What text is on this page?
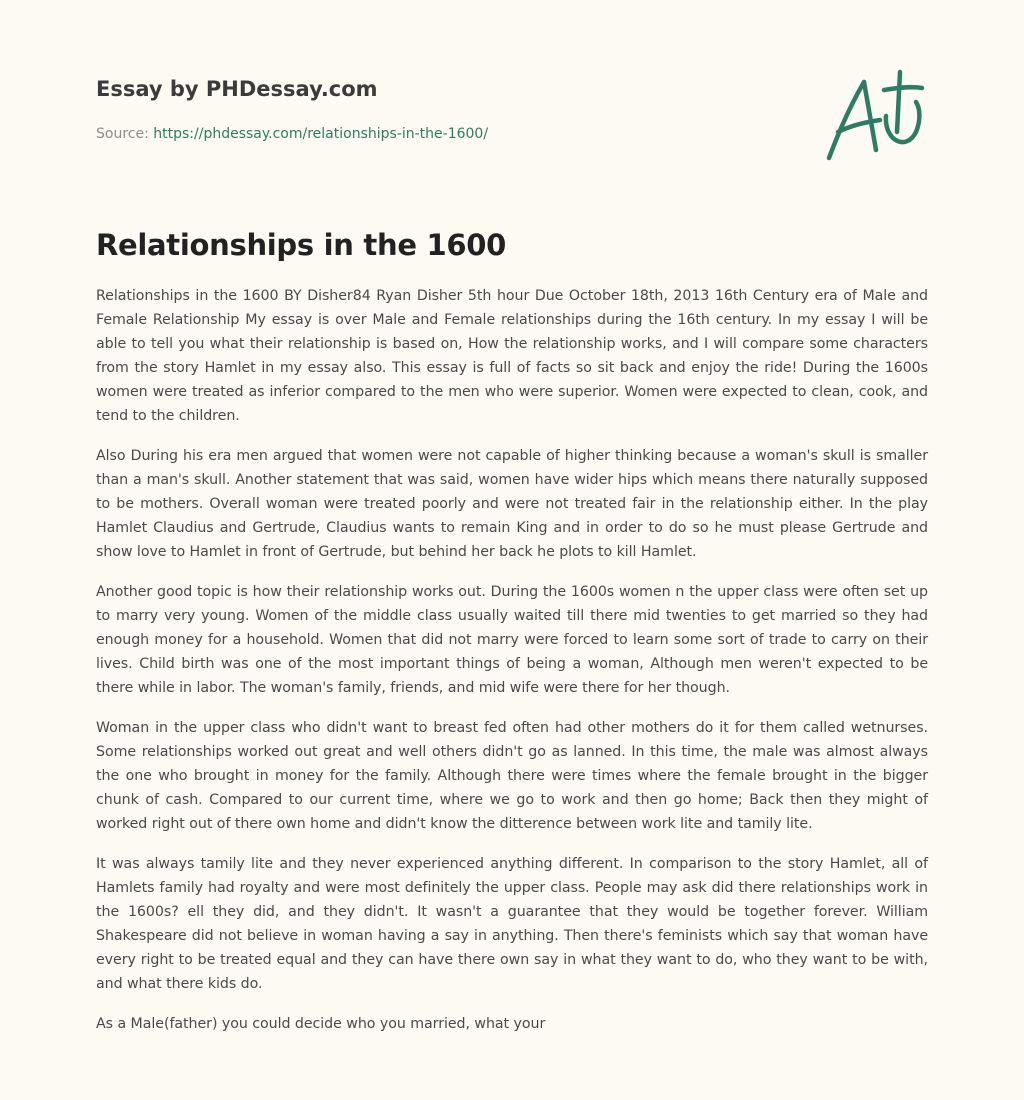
Essay by PHDessay.com
Source: https://phdessay.com/relationships-in-the-1600/
Relationships in the 1600

Relationships in the 1600 BY Disher84 Ryan Disher 5th hour Due October 18th, 2013 16th Century era of Male and Female Relationship My essay is over Male and Female relationships during the 16th century. In my essay I will be able to tell you what their relationship is based on, How the relationship works, and I will compare some characters from the story Hamlet in my essay also. This essay is full of facts so sit back and enjoy the ride! During the 1600s women were treated as inferior compared to the men who were superior. Women were expected to clean, cook, and tend to the children.

Also During his era men argued that women were not capable of higher thinking because a woman's skull is smaller than a man's skull. Another statement that was said, women have wider hips which means there naturally supposed to be mothers. Overall woman were treated poorly and were not treated fair in the relationship either. In the play Hamlet Claudius and Gertrude, Claudius wants to remain King and in order to do so he must please Gertrude and show love to Hamlet in front of Gertrude, but behind her back he plots to kill Hamlet.

Another good topic is how their relationship works out. During the 1600s women n the upper class were often set up to marry very young. Women of the middle class usually waited till there mid twenties to get married so they had enough money for a household. Women that did not marry were forced to learn some sort of trade to carry on their lives. Child birth was one of the most important things of being a woman, Although men weren't expected to be there while in labor. The woman's family, friends, and mid wife were there for her though.

Woman in the upper class who didn't want to breast fed often had other mothers do it for them called wetnurses. Some relationships worked out great and well others didn't go as lanned. In this time, the male was almost always the one who brought in money for the family. Although there were times where the female brought in the bigger chunk of cash. Compared to our current time, where we go to work and then go home; Back then they might of worked right out of there own home and didn't know the ditterence between work lite and tamily lite.

It was always tamily lite and they never experienced anything different. In comparison to the story Hamlet, all of Hamlets family had royalty and were most definitely the upper class. People may ask did there relationships work in the 1600s? ell they did, and they didn't. It wasn't a guarantee that they would be together forever. William Shakespeare did not believe in woman having a say in anything. Then there's feminists which say that woman have every right to be treated equal and they can have there own say in what they want to do, who they want to be with, and what there kids do.

As a Male(father) you could decide who you married, what your
